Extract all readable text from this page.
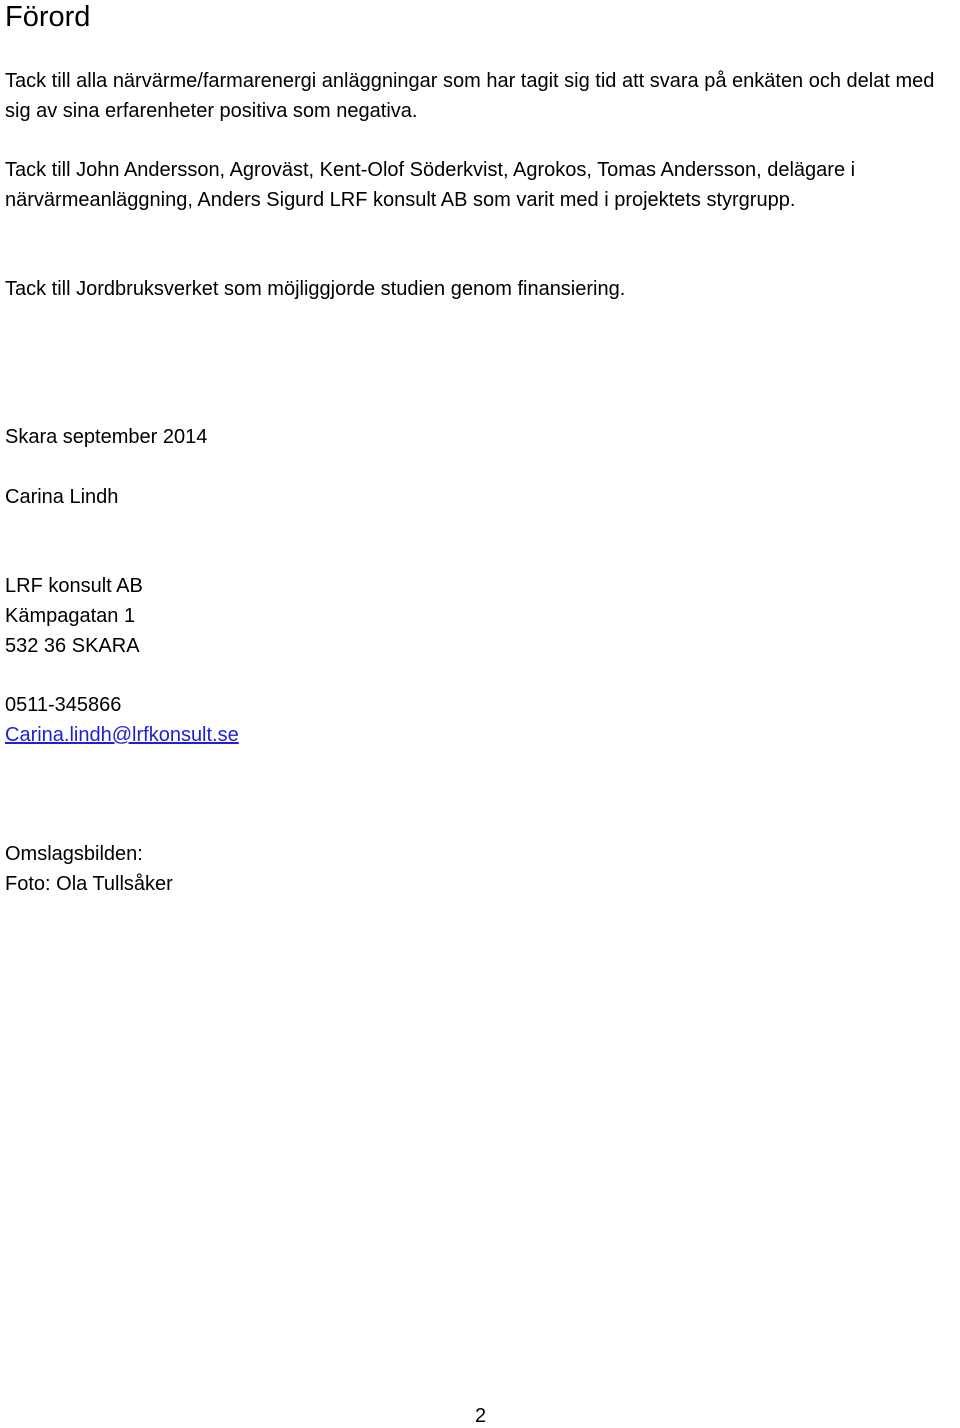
Förord

Tack till alla närvärme/farmarenergi anläggningar som har tagit sig tid att svara på enkäten och delat med sig av sina erfarenheter positiva som negativa.

Tack till John Andersson, Agroväst, Kent-Olof Söderkvist, Agrokos, Tomas Andersson, delägare i närvärmeanläggning, Anders Sigurd LRF konsult AB som varit med i projektets styrgrupp.

Tack till Jordbruksverket som möjliggjorde studien genom finansiering.

Skara september 2014

Carina Lindh

LRF konsult AB

Kämpagatan 1

532 36 SKARA

0511-345866

Carina.lindh@lrfkonsult.se

Omslagsbilden:

Foto: Ola Tullsåker

2
